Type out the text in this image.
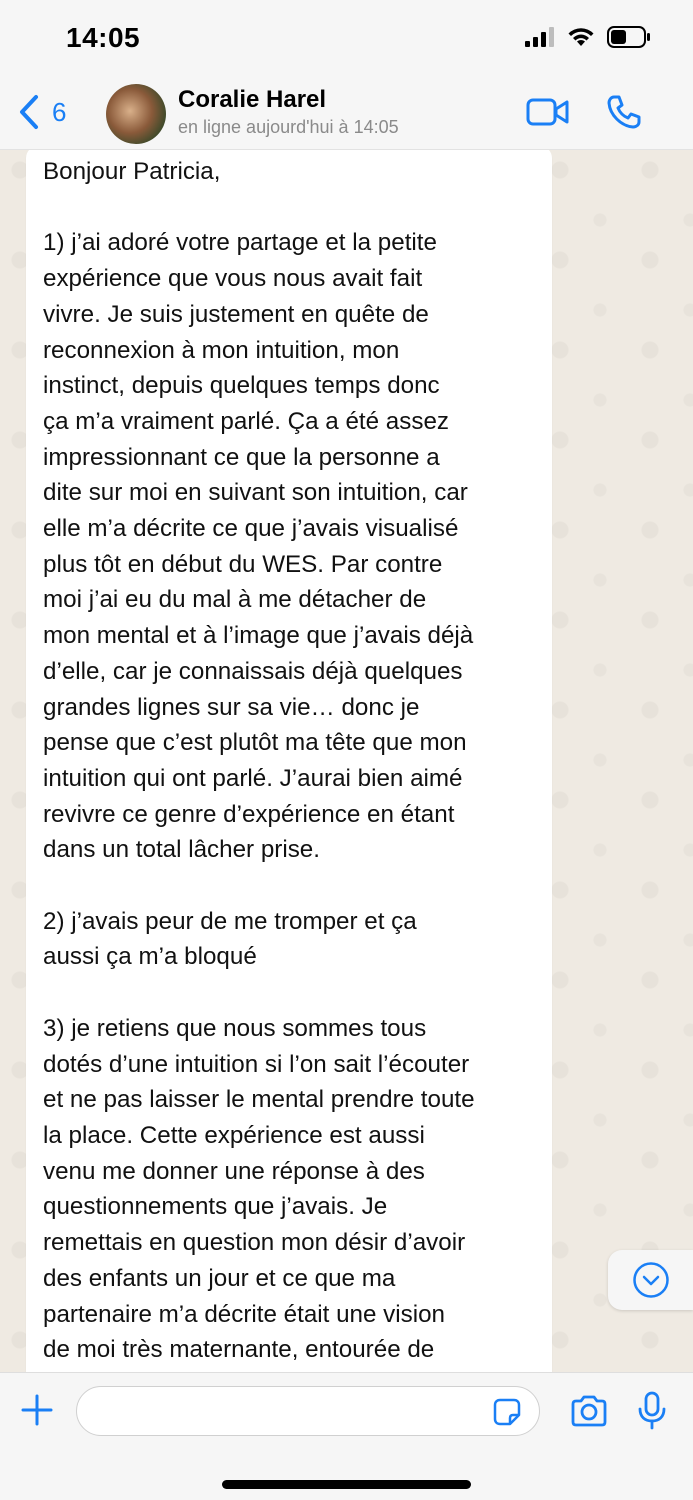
14:05
6	Coralie Harel
en ligne aujourd'hui à 14:05
Bonjour Patricia,

1) j’ai adoré votre partage et la petite
expérience que vous nous avait fait
vivre. Je suis justement en quête de
reconnexion à mon intuition, mon
instinct, depuis quelques temps donc
ça m’a vraiment parlé. Ça a été assez
impressionnant ce que la personne a
dite sur moi en suivant son intuition, car
elle m’a décrite ce que j’avais visualisé
plus tôt en début du WES. Par contre
moi j’ai eu du mal à me détacher de
mon mental et à l’image que j’avais déjà
d’elle, car je connaissais déjà quelques
grandes lignes sur sa vie… donc je
pense que c’est plutôt ma tête que mon
intuition qui ont parlé. J’aurai bien aimé
revivre ce genre d’expérience en étant
dans un total lâcher prise.

2) j’avais peur de me tromper et ça
aussi ça m’a bloqué

3) je retiens que nous sommes tous
dotés d’une intuition si l’on sait l’écouter
et ne pas laisser le mental prendre toute
la place. Cette expérience est aussi
venu me donner une réponse à des
questionnements que j’avais. Je
remettais en question mon désir d’avoir
des enfants un jour et ce que ma
partenaire m’a décrite était une vision
de moi très maternante, entourée de
